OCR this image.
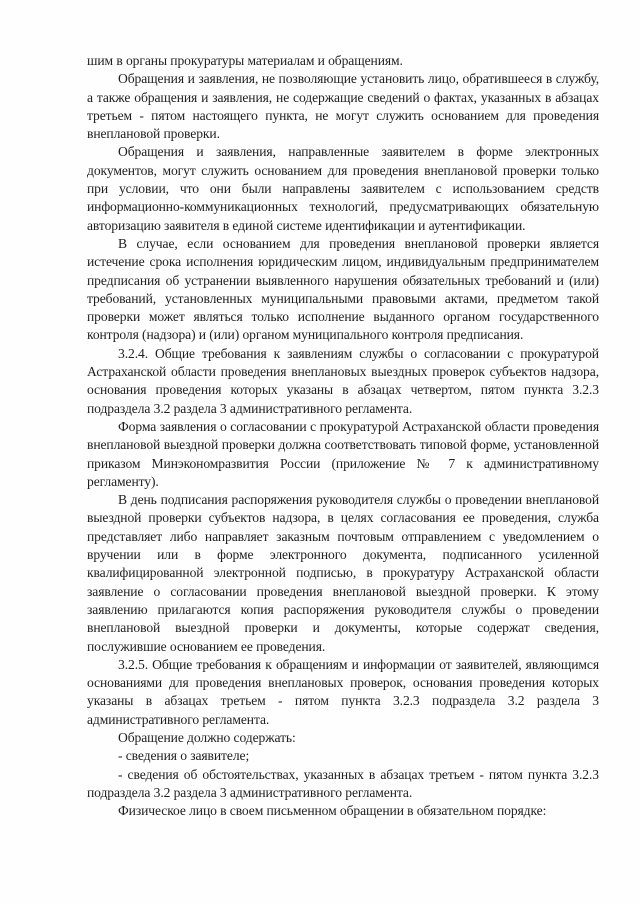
шим в органы прокуратуры материалам и обращениям.

Обращения и заявления, не позволяющие установить лицо, обратившееся в службу, а также обращения и заявления, не содержащие сведений о фактах, указанных в абзацах третьем - пятом настоящего пункта, не могут служить основанием для проведения внеплановой проверки.

Обращения и заявления, направленные заявителем в форме электронных документов, могут служить основанием для проведения внеплановой проверки только при условии, что они были направлены заявителем с использованием средств информационно-коммуникационных технологий, предусматривающих обязательную авторизацию заявителя в единой системе идентификации и аутентификации.

В случае, если основанием для проведения внеплановой проверки является истечение срока исполнения юридическим лицом, индивидуальным предпринимателем предписания об устранении выявленного нарушения обязательных требований и (или) требований, установленных муниципальными правовыми актами, предметом такой проверки может являться только исполнение выданного органом государственного контроля (надзора) и (или) органом муниципального контроля предписания.

3.2.4. Общие требования к заявлениям службы о согласовании с прокуратурой Астраханской области проведения внеплановых выездных проверок субъектов надзора, основания проведения которых указаны в абзацах четвертом, пятом пункта 3.2.3 подраздела 3.2 раздела 3 административного регламента.

Форма заявления о согласовании с прокуратурой Астраханской области проведения внеплановой выездной проверки должна соответствовать типовой форме, установленной приказом Минэкономразвития России (приложение № 7 к административному регламенту).

В день подписания распоряжения руководителя службы о проведении внеплановой выездной проверки субъектов надзора, в целях согласования ее проведения, служба представляет либо направляет заказным почтовым отправлением с уведомлением о вручении или в форме электронного документа, подписанного усиленной квалифицированной электронной подписью, в прокуратуру Астраханской области заявление о согласовании проведения внеплановой выездной проверки. К этому заявлению прилагаются копия распоряжения руководителя службы о проведении внеплановой выездной проверки и документы, которые содержат сведения, послужившие основанием ее проведения.

3.2.5. Общие требования к обращениям и информации от заявителей, являющимся основаниями для проведения внеплановых проверок, основания проведения которых указаны в абзацах третьем - пятом пункта 3.2.3 подраздела 3.2 раздела 3 административного регламента.

Обращение должно содержать:

- сведения о заявителе;

- сведения об обстоятельствах, указанных в абзацах третьем - пятом пункта 3.2.3 подраздела 3.2 раздела 3 административного регламента.

Физическое лицо в своем письменном обращении в обязательном порядке:
